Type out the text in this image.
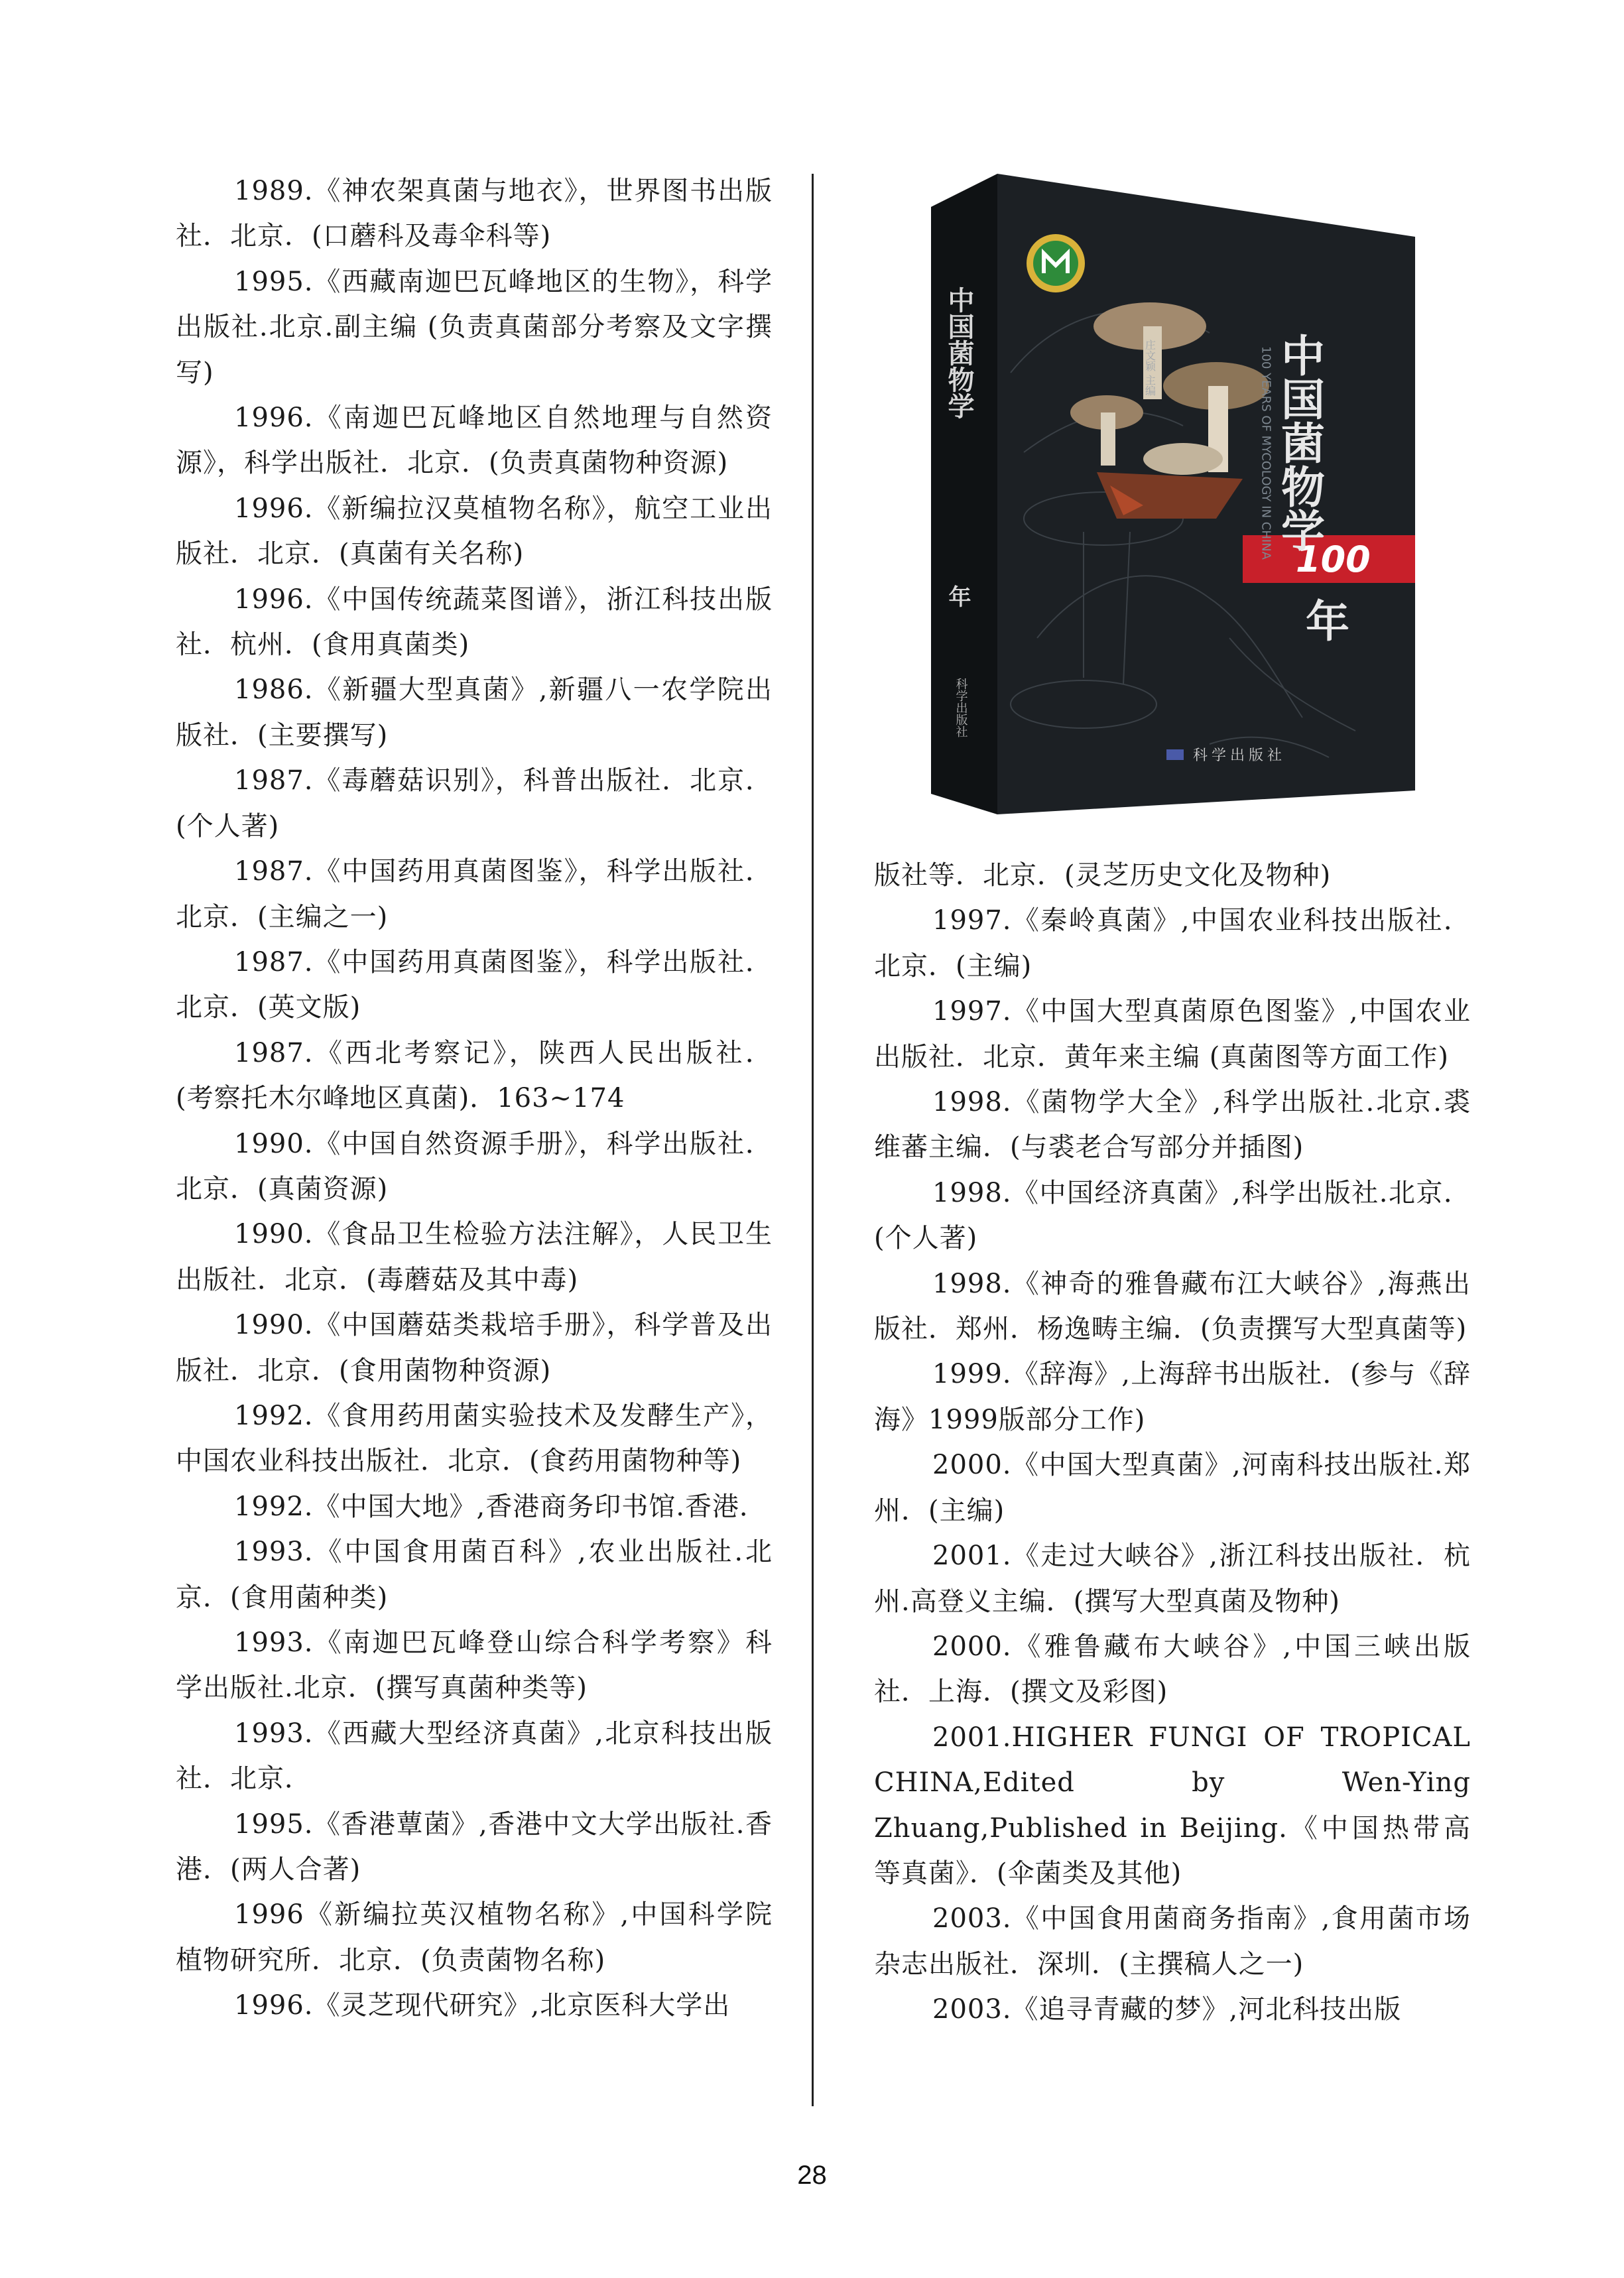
1989.《神农架真菌与地衣》，世界图书出版社．北京．(口蘑科及毒伞科等)

1995.《西藏南迦巴瓦峰地区的生物》，科学出版社.北京.副主编 (负责真菌部分考察及文字撰写)

1996.《南迦巴瓦峰地区自然地理与自然资源》，科学出版社．北京．(负责真菌物种资源)

1996.《新编拉汉莫植物名称》，航空工业出版社．北京．(真菌有关名称)

1996.《中国传统蔬菜图谱》，浙江科技出版社．杭州．(食用真菌类)

1986.《新疆大型真菌》,新疆八一农学院出版社．(主要撰写)

1987.《毒蘑菇识别》，科普出版社．北京．(个人著)

1987.《中国药用真菌图鉴》，科学出版社．北京．(主编之一)

1987.《中国药用真菌图鉴》，科学出版社．北京．(英文版)

1987.《西北考察记》，陕西人民出版社．(考察托木尔峰地区真菌)．163~174

1990.《中国自然资源手册》，科学出版社．北京．(真菌资源)

1990.《食品卫生检验方法注解》，人民卫生出版社．北京．(毒蘑菇及其中毒)

1990.《中国蘑菇类栽培手册》，科学普及出版社．北京．(食用菌物种资源)

1992.《食用药用菌实验技术及发酵生产》，中国农业科技出版社．北京．(食药用菌物种等)

1992.《中国大地》,香港商务印书馆.香港．

1993.《中国食用菌百科》,农业出版社.北京．(食用菌种类)

1993.《南迦巴瓦峰登山综合科学考察》科学出版社.北京．(撰写真菌种类等)

1993.《西藏大型经济真菌》,北京科技出版社．北京．

1995.《香港蕈菌》,香港中文大学出版社.香港．(两人合著)

1996《新编拉英汉植物名称》,中国科学院植物研究所．北京．(负责菌物名称)

1996.《灵芝现代研究》,北京医科大学出

100
中国菌物学
年
100 YEARS OF MYCOLOGY IN CHINA
中国菌物学
年
科学出版社
庄文颖 主编
科学出版社

版社等．北京．(灵芝历史文化及物种)

1997.《秦岭真菌》,中国农业科技出版社．北京．(主编)

1997.《中国大型真菌原色图鉴》,中国农业出版社．北京．黄年来主编 (真菌图等方面工作)

1998.《菌物学大全》,科学出版社.北京.裘维蕃主编．(与裘老合写部分并插图)

1998.《中国经济真菌》,科学出版社.北京．(个人著)

1998.《神奇的雅鲁藏布江大峡谷》,海燕出版社．郑州．杨逸畴主编．(负责撰写大型真菌等)

1999.《辞海》,上海辞书出版社．(参与《辞海》1999版部分工作)

2000.《中国大型真菌》,河南科技出版社.郑州．(主编)

2001.《走过大峡谷》,浙江科技出版社．杭州.高登义主编．(撰写大型真菌及物种)

2000.《雅鲁藏布大峡谷》,中国三峡出版社．上海．(撰文及彩图)

2001.HIGHER FUNGI OF TROPICAL CHINA,Edited by Wen-Ying Zhuang,Published in Beijing.《中国热带高等真菌》．(伞菌类及其他)

2003.《中国食用菌商务指南》,食用菌市场杂志出版社．深圳．(主撰稿人之一)

2003.《追寻青藏的梦》,河北科技出版

28
